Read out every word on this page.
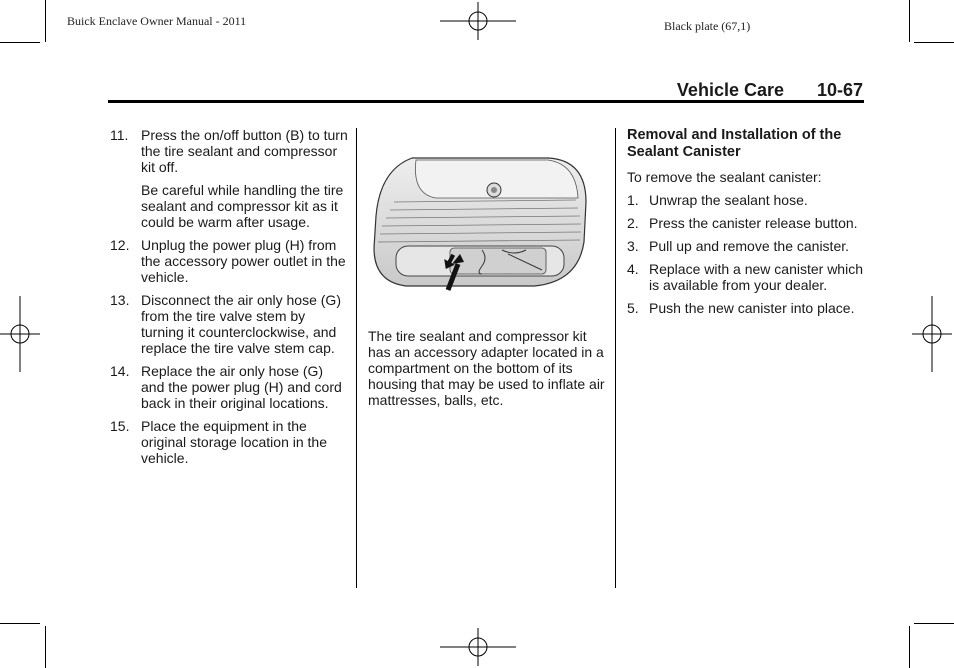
Buick Enclave Owner Manual - 2011	Black plate (67,1)
Vehicle Care 10-67
11. Press the on/off button (B) to turn the tire sealant and compressor kit off.
Be careful while handling the tire sealant and compressor kit as it could be warm after usage.
12. Unplug the power plug (H) from the accessory power outlet in the vehicle.
13. Disconnect the air only hose (G) from the tire valve stem by turning it counterclockwise, and replace the tire valve stem cap.
14. Replace the air only hose (G) and the power plug (H) and cord back in their original locations.
15. Place the equipment in the original storage location in the vehicle.
The tire sealant and compressor kit has an accessory adapter located in a compartment on the bottom of its housing that may be used to inflate air mattresses, balls, etc.
Removal and Installation of the Sealant Canister
To remove the sealant canister:
1. Unwrap the sealant hose.
2. Press the canister release button.
3. Pull up and remove the canister.
4. Replace with a new canister which is available from your dealer.
5. Push the new canister into place.
